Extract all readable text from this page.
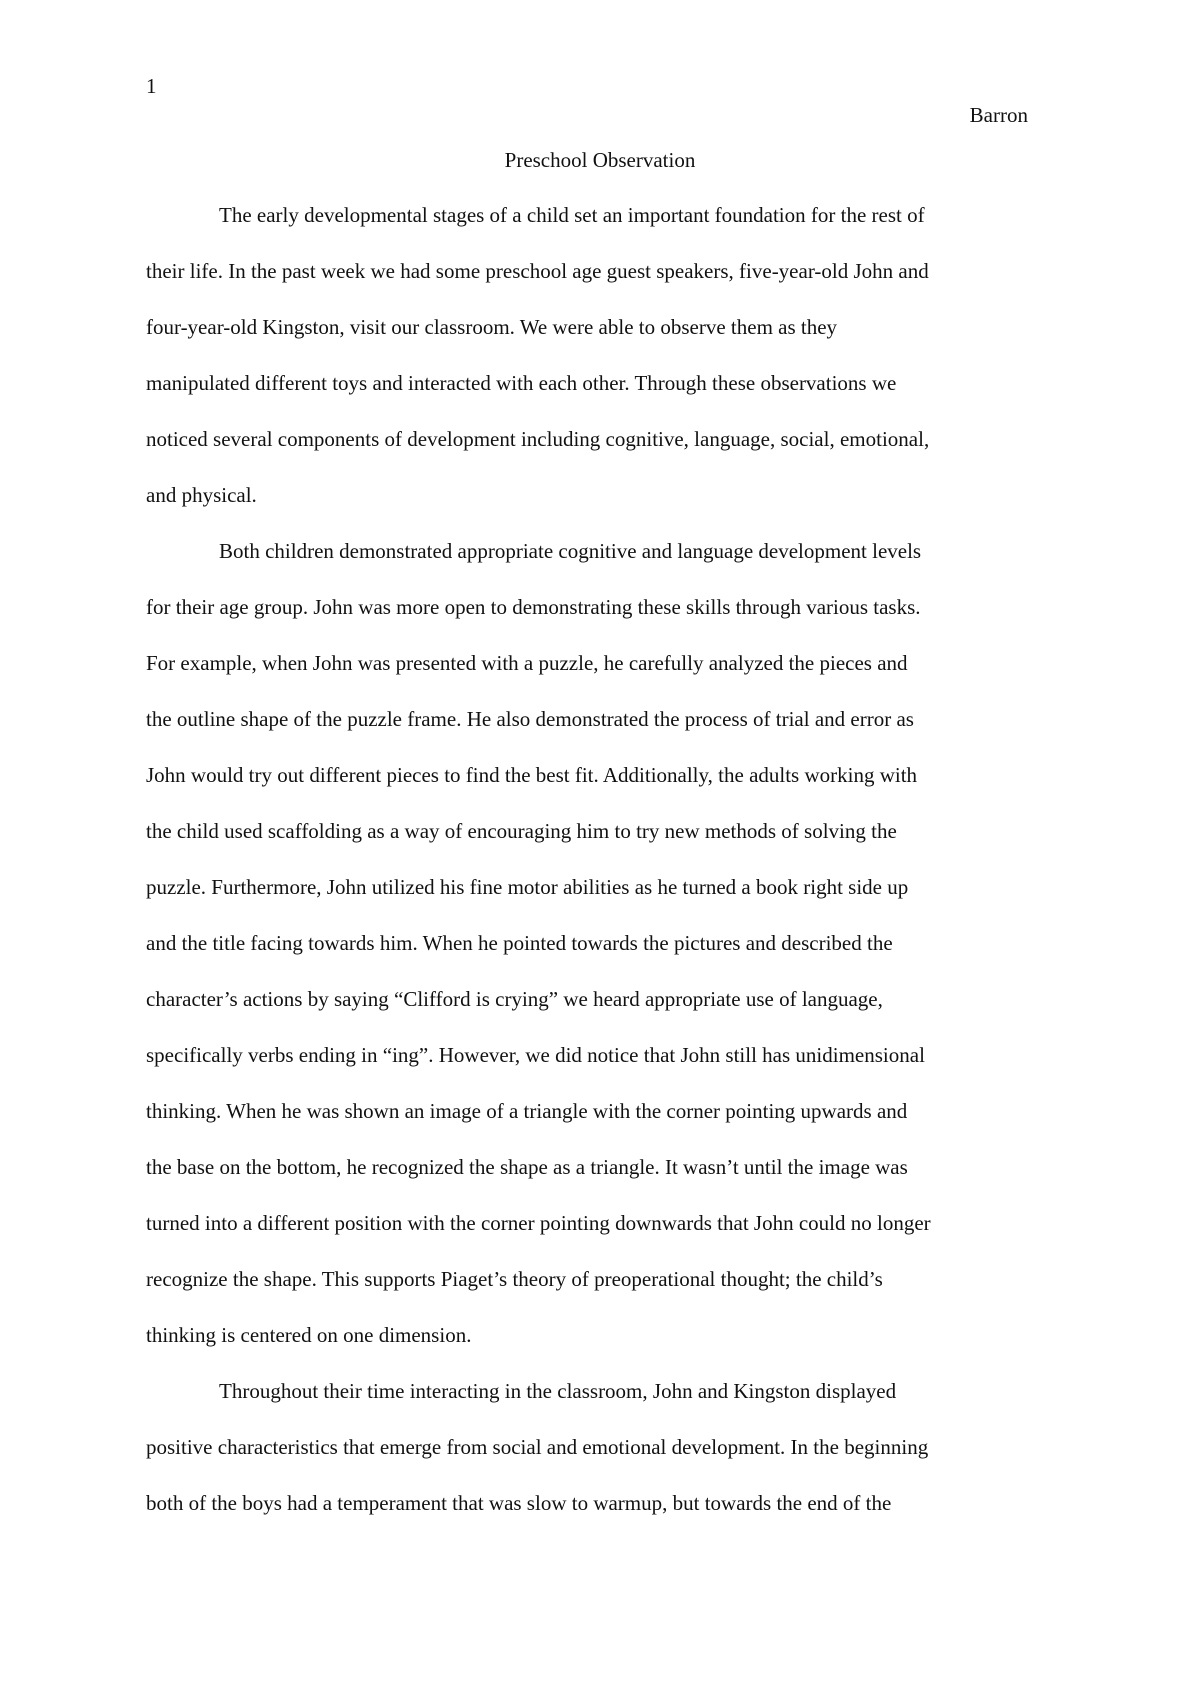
1
Barron
Preschool Observation
The early developmental stages of a child set an important foundation for the rest of
their life. In the past week we had some preschool age guest speakers, five-year-old John and
four-year-old Kingston, visit our classroom. We were able to observe them as they
manipulated different toys and interacted with each other. Through these observations we
noticed several components of development including cognitive, language, social, emotional,
and physical.
Both children demonstrated appropriate cognitive and language development levels
for their age group. John was more open to demonstrating these skills through various tasks.
For example, when John was presented with a puzzle, he carefully analyzed the pieces and
the outline shape of the puzzle frame. He also demonstrated the process of trial and error as
John would try out different pieces to find the best fit. Additionally, the adults working with
the child used scaffolding as a way of encouraging him to try new methods of solving the
puzzle. Furthermore, John utilized his fine motor abilities as he turned a book right side up
and the title facing towards him. When he pointed towards the pictures and described the
character’s actions by saying “Clifford is crying” we heard appropriate use of language,
specifically verbs ending in “ing”. However, we did notice that John still has unidimensional
thinking. When he was shown an image of a triangle with the corner pointing upwards and
the base on the bottom, he recognized the shape as a triangle. It wasn’t until the image was
turned into a different position with the corner pointing downwards that John could no longer
recognize the shape. This supports Piaget’s theory of preoperational thought; the child’s
thinking is centered on one dimension.
Throughout their time interacting in the classroom, John and Kingston displayed
positive characteristics that emerge from social and emotional development. In the beginning
both of the boys had a temperament that was slow to warmup, but towards the end of the
